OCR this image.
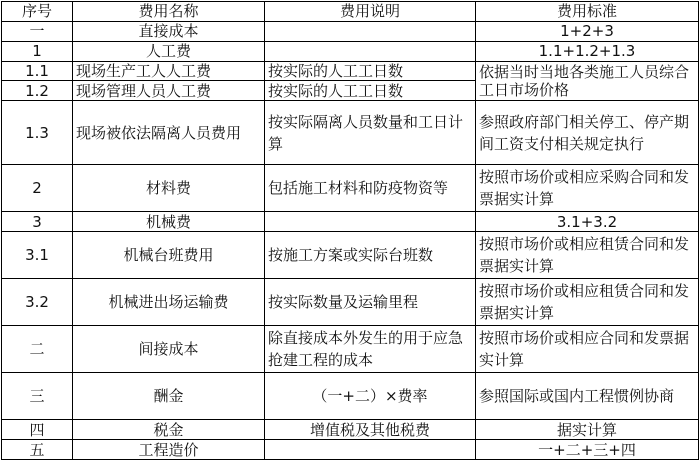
序号	费用名称	费用说明	费用标准
一	直接成本		1+2+3
1	人工费		1.1+1.2+1.3
1.1	现场生产工人人工费	按实际的人工工日数	依据当时当地各类施工人员综合工日市场价格
1.2	现场管理人员人工费	按实际的人工工日数	
1.3	现场被依法隔离人员费用	按实际隔离人员数量和工日计算	参照政府部门相关停工、停产期间工资支付相关规定执行
2	材料费	包括施工材料和防疫物资等	按照市场价或相应采购合同和发票据实计算
3	机械费		3.1+3.2
3.1	机械台班费用	按施工方案或实际台班数	按照市场价或相应租赁合同和发票据实计算
3.2	机械进出场运输费	按实际数量及运输里程	按照市场价或相应租赁合同和发票据实计算
二	间接成本	除直接成本外发生的用于应急抢建工程的成本	按照市场价或相应合同和发票据实计算
三	酬金	（一+二）×费率	参照国际或国内工程惯例协商
四	税金	增值税及其他税费	据实计算
五	工程造价		一+二+三+四
